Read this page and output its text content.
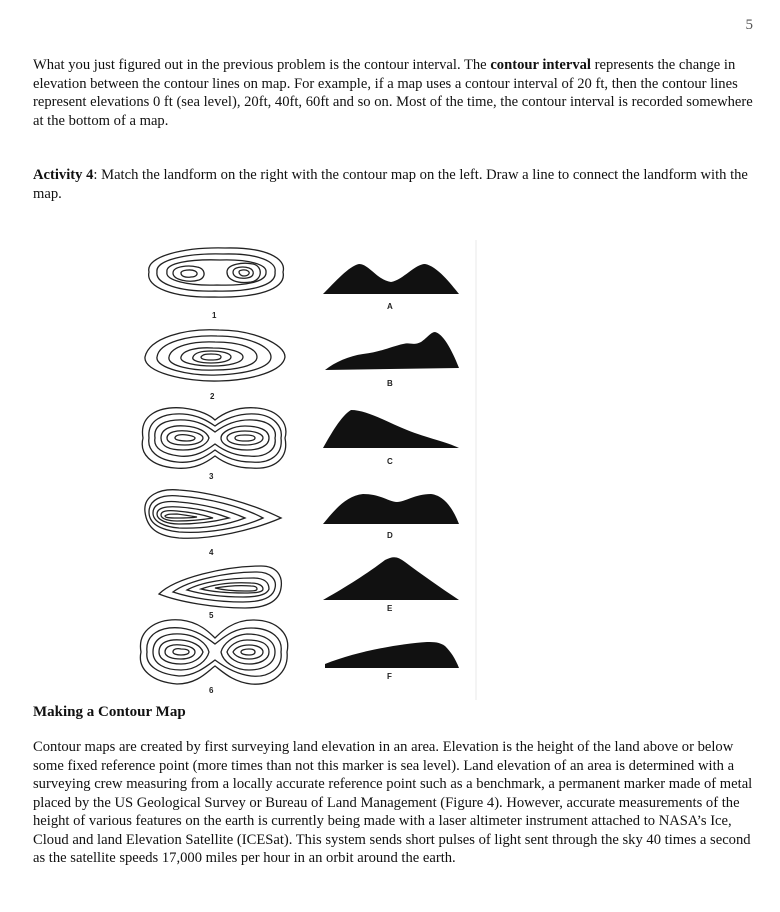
5

What you just figured out in the previous problem is the contour interval. The contour interval represents the change in elevation between the contour lines on map. For example, if a map uses a contour interval of 20 ft, then the contour lines represent elevations 0 ft (sea level), 20ft, 40ft, 60ft and so on. Most of the time, the contour interval is recorded somewhere at the bottom of a map.

Activity 4: Match the landform on the right with the contour map on the left. Draw a line to connect the landform with the map.

1
2
3
4
5
6
A
B
C
D
E
F
Making a Contour Map

Contour maps are created by first surveying land elevation in an area. Elevation is the height of the land above or below some fixed reference point (more times than not this marker is sea level). Land elevation of an area is determined with a surveying crew measuring from a locally accurate reference point such as a benchmark, a permanent marker made of metal placed by the US Geological Survey or Bureau of Land Management (Figure 4). However, accurate measurements of the height of various features on the earth is currently being made with a laser altimeter instrument attached to NASA’s Ice, Cloud and land Elevation Satellite (ICESat). This system sends short pulses of light sent through the sky 40 times a second as the satellite speeds 17,000 miles per hour in an orbit around the earth.
